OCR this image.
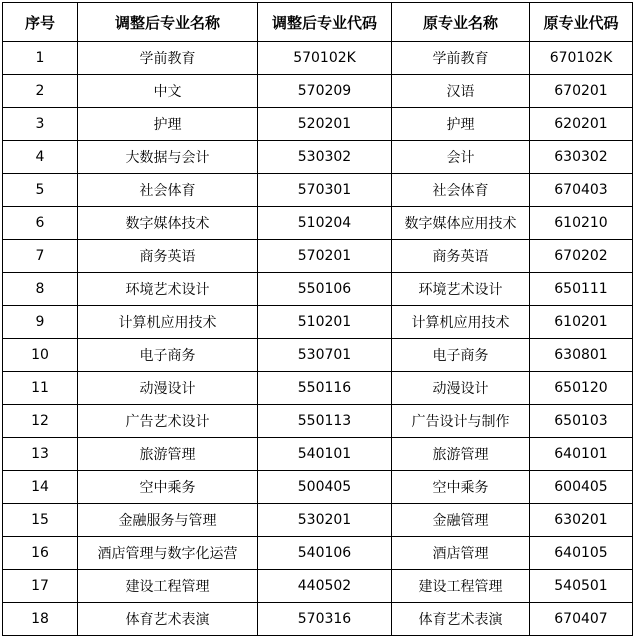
序号	调整后专业名称	调整后专业代码	原专业名称	原专业代码
1	学前教育	570102K	学前教育	670102K
2	中文	570209	汉语	670201
3	护理	520201	护理	620201
4	大数据与会计	530302	会计	630302
5	社会体育	570301	社会体育	670403
6	数字媒体技术	510204	数字媒体应用技术	610210
7	商务英语	570201	商务英语	670202
8	环境艺术设计	550106	环境艺术设计	650111
9	计算机应用技术	510201	计算机应用技术	610201
10	电子商务	530701	电子商务	630801
11	动漫设计	550116	动漫设计	650120
12	广告艺术设计	550113	广告设计与制作	650103
13	旅游管理	540101	旅游管理	640101
14	空中乘务	500405	空中乘务	600405
15	金融服务与管理	530201	金融管理	630201
16	酒店管理与数字化运营	540106	酒店管理	640105
17	建设工程管理	440502	建设工程管理	540501
18	体育艺术表演	570316	体育艺术表演	670407
